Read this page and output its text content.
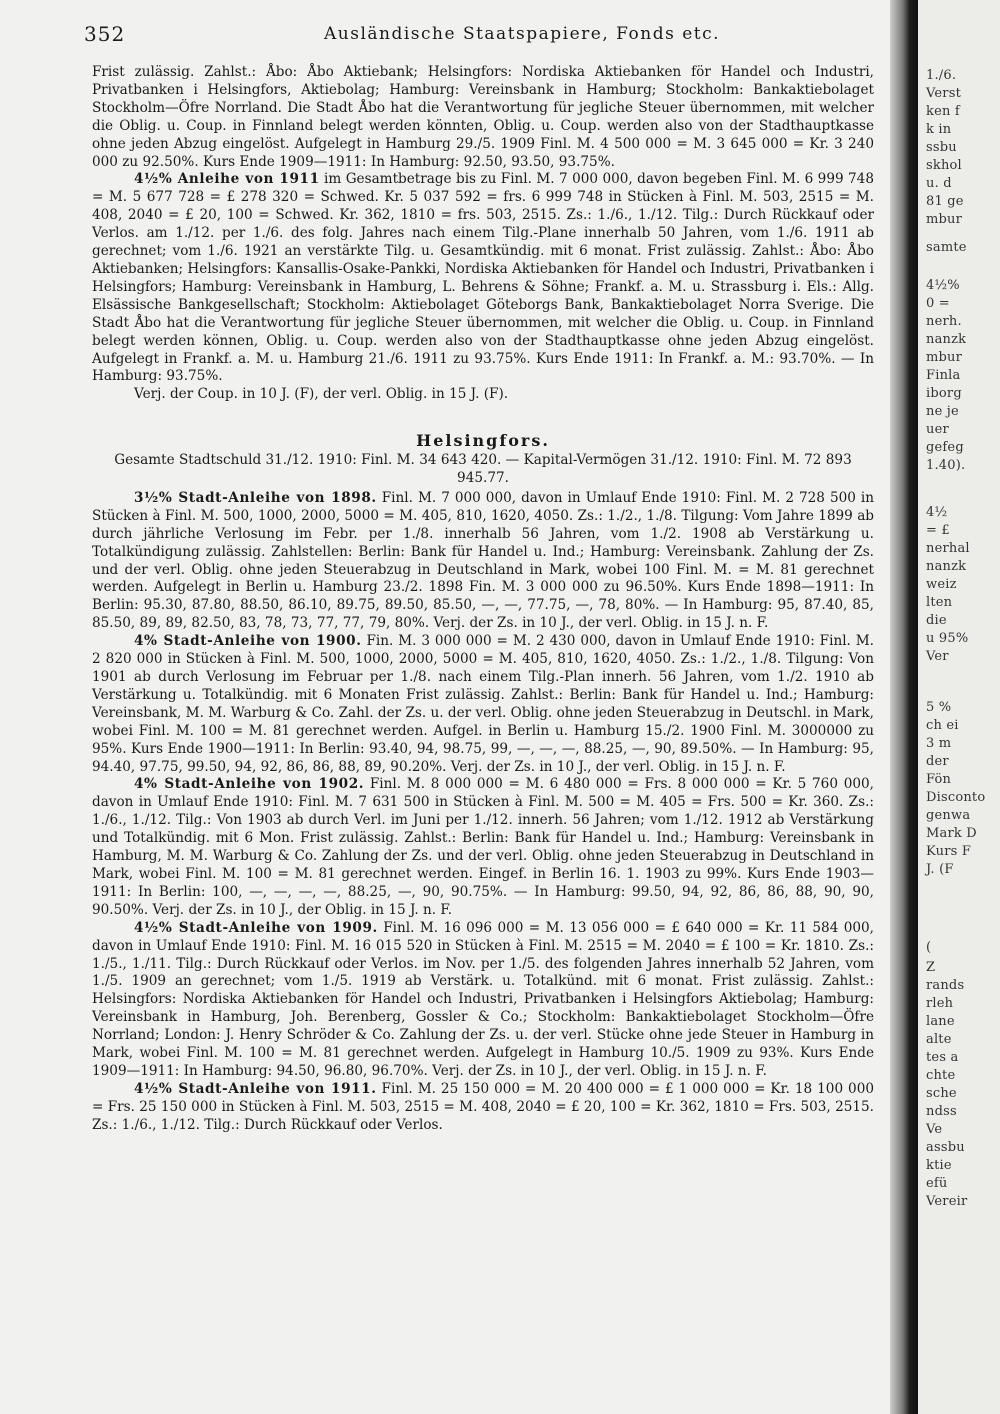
352	Ausländische Staatspapiere, Fonds etc.

Frist zulässig. Zahlst.: Åbo: Åbo Aktiebank; Helsingfors: Nordiska Aktiebanken för Handel och Industri, Privatbanken i Helsingfors, Aktiebolag; Hamburg: Vereinsbank in Hamburg; Stockholm: Bankaktiebolaget Stockholm—Öfre Norrland. Die Stadt Åbo hat die Verantwortung für jegliche Steuer übernommen, mit welcher die Oblig. u. Coup. in Finnland belegt werden könnten, Oblig. u. Coup. werden also von der Stadthauptkasse ohne jeden Abzug eingelöst. Aufgelegt in Hamburg 29./5. 1909 Finl. M. 4 500 000 = M. 3 645 000 = Kr. 3 240 000 zu 92.50%. Kurs Ende 1909—1911: In Hamburg: 92.50, 93.50, 93.75%.

4½% Anleihe von 1911 im Gesamtbetrage bis zu Finl. M. 7 000 000, davon begeben Finl. M. 6 999 748 = M. 5 677 728 = £ 278 320 = Schwed. Kr. 5 037 592 = frs. 6 999 748 in Stücken à Finl. M. 503, 2515 = M. 408, 2040 = £ 20, 100 = Schwed. Kr. 362, 1810 = frs. 503, 2515. Zs.: 1./6., 1./12. Tilg.: Durch Rückkauf oder Verlos. am 1./12. per 1./6. des folg. Jahres nach einem Tilg.-Plane innerhalb 50 Jahren, vom 1./6. 1911 ab gerechnet; vom 1./6. 1921 an verstärkte Tilg. u. Gesamtkündig. mit 6 monat. Frist zulässig. Zahlst.: Åbo: Åbo Aktiebanken; Helsingfors: Kansallis-Osake-Pankki, Nordiska Aktiebanken för Handel och Industri, Privatbanken i Helsingfors; Hamburg: Vereinsbank in Hamburg, L. Behrens & Söhne; Frankf. a. M. u. Strassburg i. Els.: Allg. Elsässische Bankgesellschaft; Stockholm: Aktiebolaget Göteborgs Bank, Bankaktiebolaget Norra Sverige. Die Stadt Åbo hat die Verantwortung für jegliche Steuer übernommen, mit welcher die Oblig. u. Coup. in Finnland belegt werden können, Oblig. u. Coup. werden also von der Stadthauptkasse ohne jeden Abzug eingelöst. Aufgelegt in Frankf. a. M. u. Hamburg 21./6. 1911 zu 93.75%. Kurs Ende 1911: In Frankf. a. M.: 93.70%. — In Hamburg: 93.75%.

Verj. der Coup. in 10 J. (F), der verl. Oblig. in 15 J. (F).

Helsingfors.

Gesamte Stadtschuld 31./12. 1910: Finl. M. 34 643 420. — Kapital-Vermögen 31./12. 1910: Finl. M. 72 893 945.77.

3½% Stadt-Anleihe von 1898. Finl. M. 7 000 000, davon in Umlauf Ende 1910: Finl. M. 2 728 500 in Stücken à Finl. M. 500, 1000, 2000, 5000 = M. 405, 810, 1620, 4050. Zs.: 1./2., 1./8. Tilgung: Vom Jahre 1899 ab durch jährliche Verlosung im Febr. per 1./8. innerhalb 56 Jahren, vom 1./2. 1908 ab Verstärkung u. Totalkündigung zulässig. Zahlstellen: Berlin: Bank für Handel u. Ind.; Hamburg: Vereinsbank. Zahlung der Zs. und der verl. Oblig. ohne jeden Steuerabzug in Deutschland in Mark, wobei 100 Finl. M. = M. 81 gerechnet werden. Aufgelegt in Berlin u. Hamburg 23./2. 1898 Fin. M. 3 000 000 zu 96.50%. Kurs Ende 1898—1911: In Berlin: 95.30, 87.80, 88.50, 86.10, 89.75, 89.50, 85.50, —, —, 77.75, —, 78, 80%. — In Hamburg: 95, 87.40, 85, 85.50, 89, 89, 82.50, 83, 78, 73, 77, 77, 79, 80%. Verj. der Zs. in 10 J., der verl. Oblig. in 15 J. n. F.

4% Stadt-Anleihe von 1900. Fin. M. 3 000 000 = M. 2 430 000, davon in Umlauf Ende 1910: Finl. M. 2 820 000 in Stücken à Finl. M. 500, 1000, 2000, 5000 = M. 405, 810, 1620, 4050. Zs.: 1./2., 1./8. Tilgung: Von 1901 ab durch Verlosung im Februar per 1./8. nach einem Tilg.-Plan innerh. 56 Jahren, vom 1./2. 1910 ab Verstärkung u. Totalkündig. mit 6 Monaten Frist zulässig. Zahlst.: Berlin: Bank für Handel u. Ind.; Hamburg: Vereinsbank, M. M. Warburg & Co. Zahl. der Zs. u. der verl. Oblig. ohne jeden Steuerabzug in Deutschl. in Mark, wobei Finl. M. 100 = M. 81 gerechnet werden. Aufgel. in Berlin u. Hamburg 15./2. 1900 Finl. M. 3000000 zu 95%. Kurs Ende 1900—1911: In Berlin: 93.40, 94, 98.75, 99, —, —, —, 88.25, —, 90, 89.50%. — In Hamburg: 95, 94.40, 97.75, 99.50, 94, 92, 86, 86, 88, 89, 90.20%. Verj. der Zs. in 10 J., der verl. Oblig. in 15 J. n. F.

4% Stadt-Anleihe von 1902. Finl. M. 8 000 000 = M. 6 480 000 = Frs. 8 000 000 = Kr. 5 760 000, davon in Umlauf Ende 1910: Finl. M. 7 631 500 in Stücken à Finl. M. 500 = M. 405 = Frs. 500 = Kr. 360. Zs.: 1./6., 1./12. Tilg.: Von 1903 ab durch Verl. im Juni per 1./12. innerh. 56 Jahren; vom 1./12. 1912 ab Verstärkung und Totalkündig. mit 6 Mon. Frist zulässig. Zahlst.: Berlin: Bank für Handel u. Ind.; Hamburg: Vereinsbank in Hamburg, M. M. Warburg & Co. Zahlung der Zs. und der verl. Oblig. ohne jeden Steuerabzug in Deutschland in Mark, wobei Finl. M. 100 = M. 81 gerechnet werden. Eingef. in Berlin 16. 1. 1903 zu 99%. Kurs Ende 1903—1911: In Berlin: 100, —, —, —, —, 88.25, —, 90, 90.75%. — In Hamburg: 99.50, 94, 92, 86, 86, 88, 90, 90, 90.50%. Verj. der Zs. in 10 J., der Oblig. in 15 J. n. F.

4½% Stadt-Anleihe von 1909. Finl. M. 16 096 000 = M. 13 056 000 = £ 640 000 = Kr. 11 584 000, davon in Umlauf Ende 1910: Finl. M. 16 015 520 in Stücken à Finl. M. 2515 = M. 2040 = £ 100 = Kr. 1810. Zs.: 1./5., 1./11. Tilg.: Durch Rückkauf oder Verlos. im Nov. per 1./5. des folgenden Jahres innerhalb 52 Jahren, vom 1./5. 1909 an gerechnet; vom 1./5. 1919 ab Verstärk. u. Totalkünd. mit 6 monat. Frist zulässig. Zahlst.: Helsingfors: Nordiska Aktiebanken för Handel och Industri, Privatbanken i Helsingfors Aktiebolag; Hamburg: Vereinsbank in Hamburg, Joh. Berenberg, Gossler & Co.; Stockholm: Bankaktiebolaget Stockholm—Öfre Norrland; London: J. Henry Schröder & Co. Zahlung der Zs. u. der verl. Stücke ohne jede Steuer in Hamburg in Mark, wobei Finl. M. 100 = M. 81 gerechnet werden. Aufgelegt in Hamburg 10./5. 1909 zu 93%. Kurs Ende 1909—1911: In Hamburg: 94.50, 96.80, 96.70%. Verj. der Zs. in 10 J., der verl. Oblig. in 15 J. n. F.

4½% Stadt-Anleihe von 1911. Finl. M. 25 150 000 = M. 20 400 000 = £ 1 000 000 = Kr. 18 100 000 = Frs. 25 150 000 in Stücken à Finl. M. 503, 2515 = M. 408, 2040 = £ 20, 100 = Kr. 362, 1810 = Frs. 503, 2515. Zs.: 1./6., 1./12. Tilg.: Durch Rückkauf oder Verlos.

1./6.
Verst
ken f
k in
ssbu
skhol
u. d
81 ge
mbur
samte
4½%
0 =
nerh.
nanzk
mbur
Finla
iborg
ne je
uer
gefeg
1.40).
4½
= £
nerhal
nanzk
weiz
lten
die
u 95%
Ver
5 %
ch ei
3 m
der
Fön
Disconto
genwa
Mark D
Kurs F
J. (F
(
Z
rands
rleh
lane
alte
tes a
chte
sche
ndss
Ve
assbu
ktie
efü
Vereir
